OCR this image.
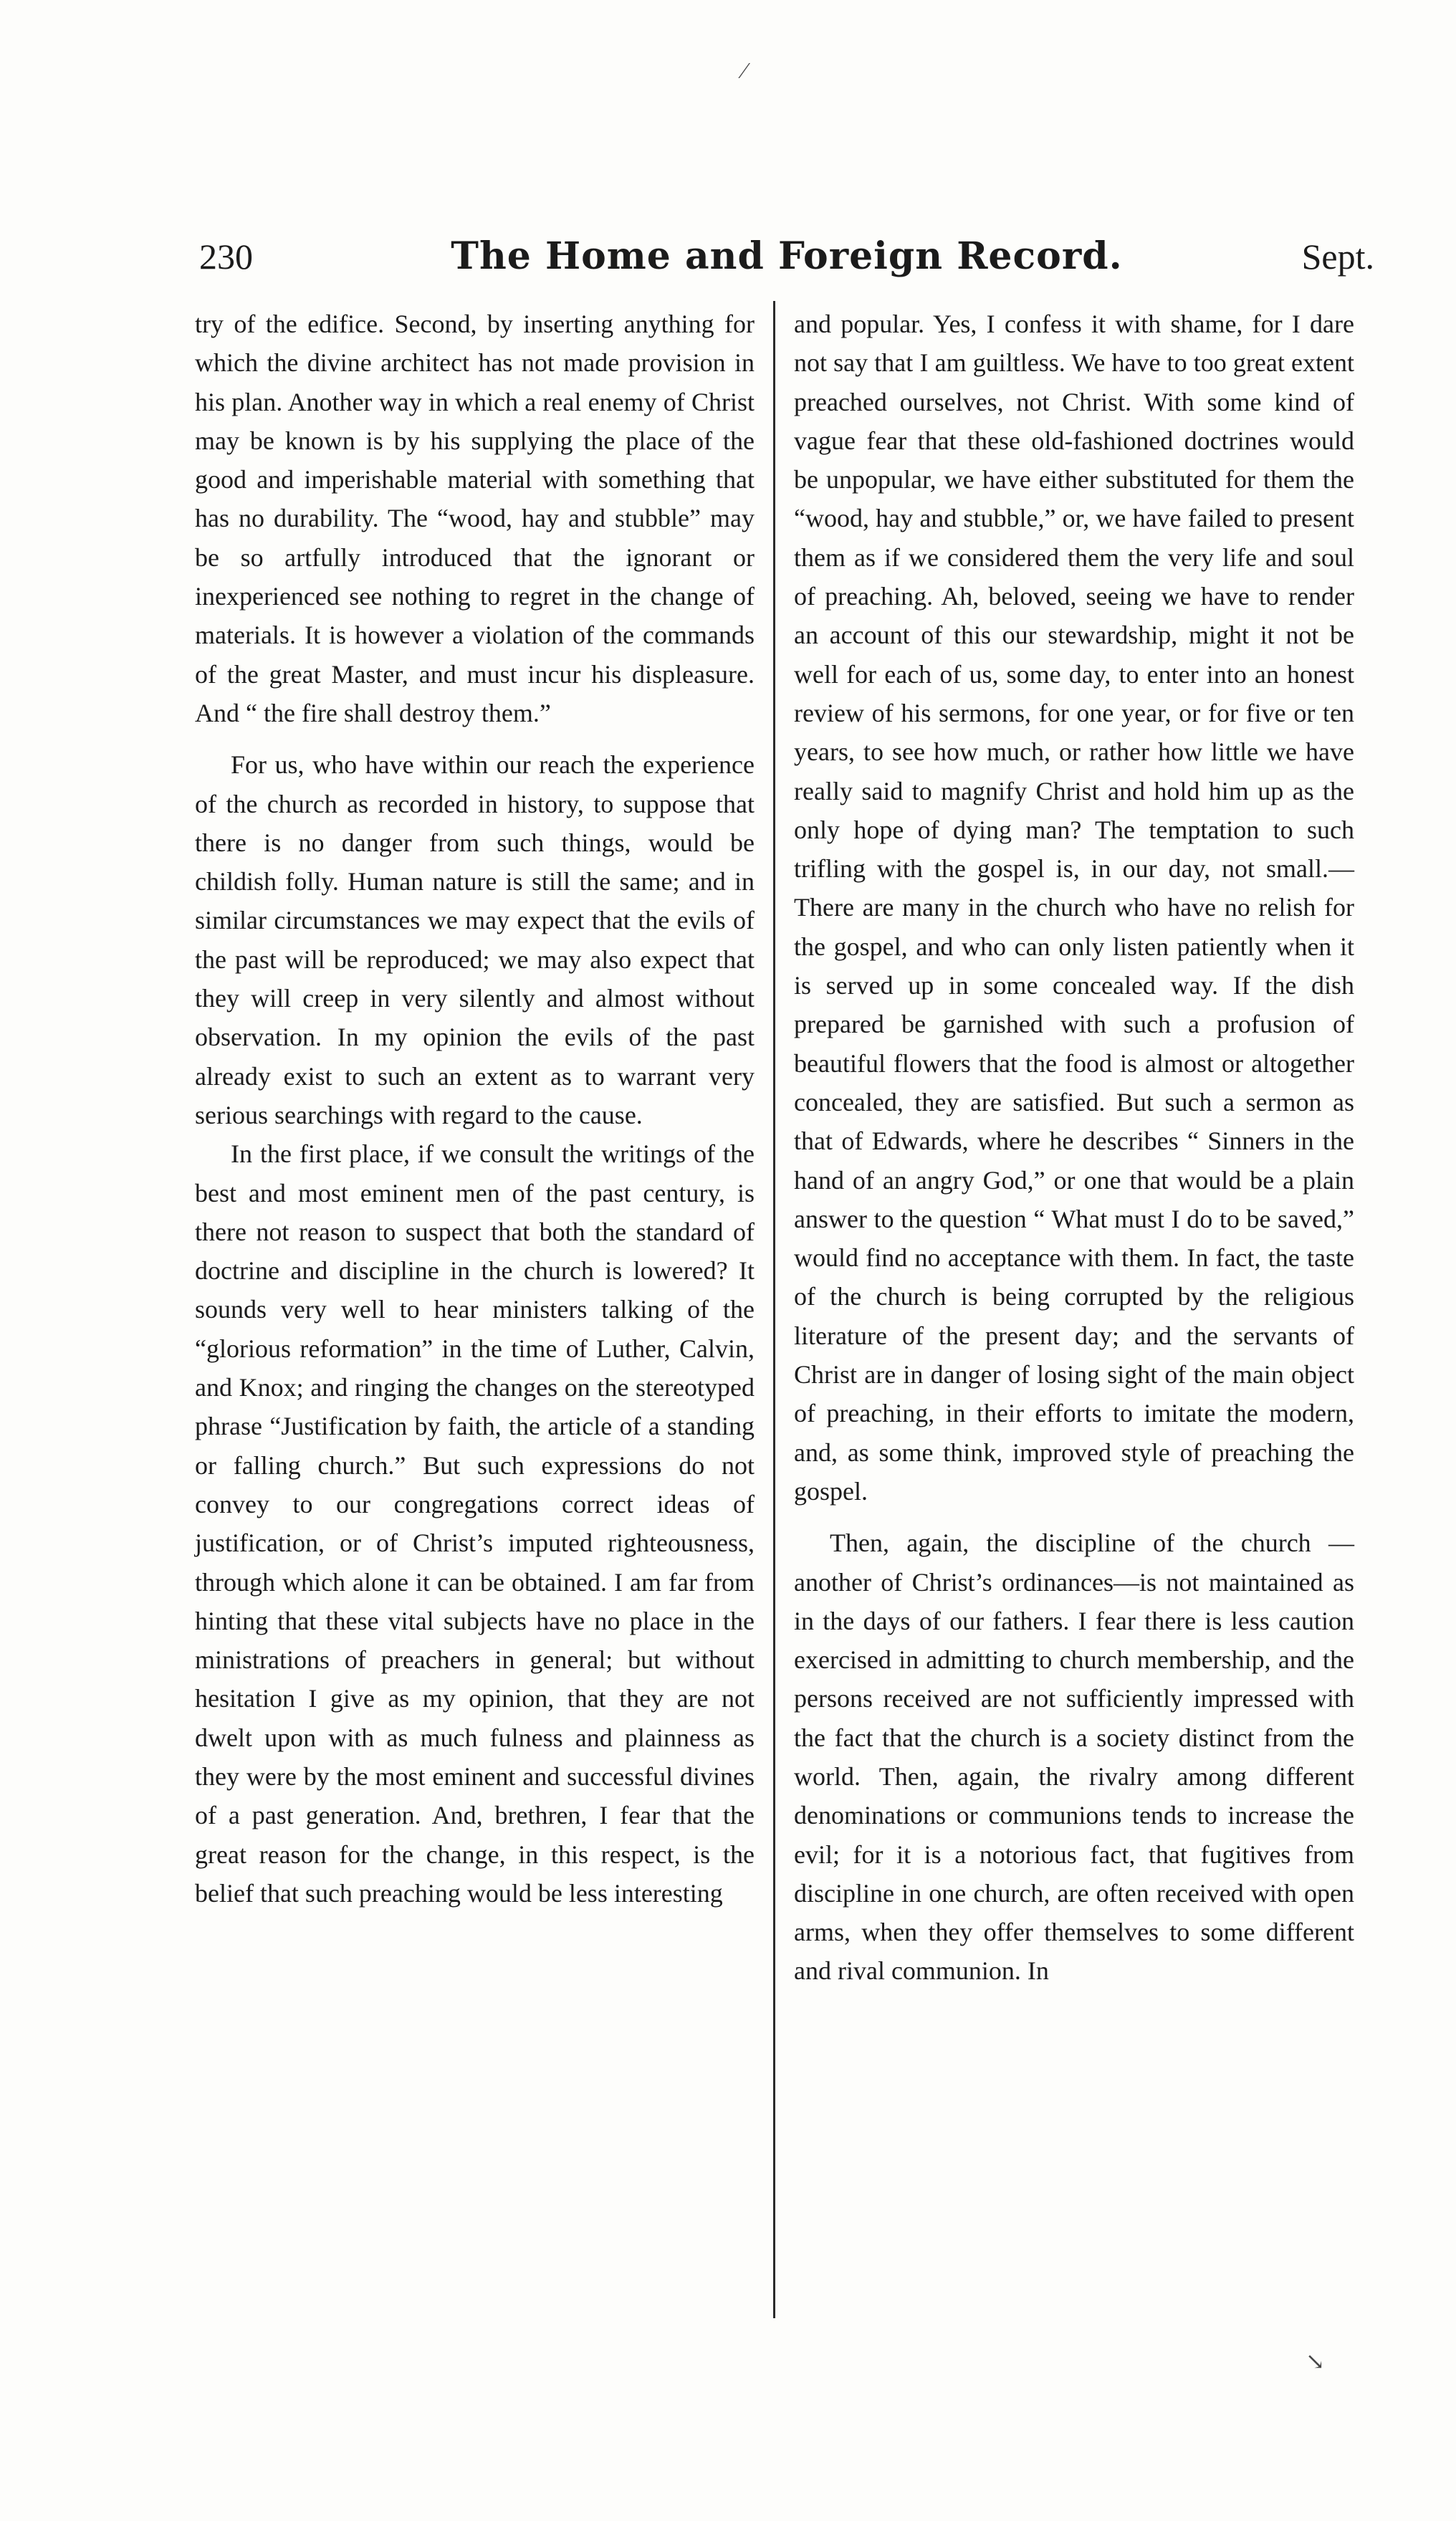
⁄
230	The Home and Foreign Record.	Sept.

try of the edifice. Second, by inserting anything for which the divine architect has not made provision in his plan. Another way in which a real enemy of Christ may be known is by his supplying the place of the good and imperishable material with something that has no durability. The “wood, hay and stubble” may be so artfully introduced that the ignorant or inexperienced see nothing to regret in the change of materials. It is however a violation of the commands of the great Master, and must incur his displeasure. And “ the fire shall destroy them.”

For us, who have within our reach the experience of the church as recorded in history, to suppose that there is no danger from such things, would be childish folly. Human nature is still the same; and in similar circumstances we may expect that the evils of the past will be reproduced; we may also expect that they will creep in very silently and almost without observation. In my opinion the evils of the past already exist to such an extent as to warrant very serious searchings with regard to the cause.

In the first place, if we consult the writings of the best and most eminent men of the past century, is there not reason to suspect that both the standard of doctrine and discipline in the church is lowered? It sounds very well to hear ministers talking of the “glorious reformation” in the time of Luther, Calvin, and Knox; and ringing the changes on the stereotyped phrase “Justification by faith, the article of a standing or falling church.” But such expressions do not convey to our congregations correct ideas of justification, or of Christ’s imputed righteousness, through which alone it can be obtained. I am far from hinting that these vital subjects have no place in the ministrations of preachers in general; but without hesitation I give as my opinion, that they are not dwelt upon with as much fulness and plainness as they were by the most eminent and successful divines of a past generation. And, brethren, I fear that the great reason for the change, in this respect, is the belief that such preaching would be less interesting

and popular. Yes, I confess it with shame, for I dare not say that I am guiltless. We have to too great extent preached ourselves, not Christ. With some kind of vague fear that these old-fashioned doctrines would be unpopular, we have either substituted for them the “wood, hay and stubble,” or, we have failed to present them as if we considered them the very life and soul of preaching. Ah, beloved, seeing we have to render an account of this our stewardship, might it not be well for each of us, some day, to enter into an honest review of his sermons, for one year, or for five or ten years, to see how much, or rather how little we have really said to magnify Christ and hold him up as the only hope of dying man? The temptation to such trifling with the gospel is, in our day, not small.— There are many in the church who have no relish for the gospel, and who can only listen patiently when it is served up in some concealed way. If the dish prepared be garnished with such a profusion of beautiful flowers that the food is almost or altogether concealed, they are satisfied. But such a sermon as that of Edwards, where he describes “ Sinners in the hand of an angry God,” or one that would be a plain answer to the question “ What must I do to be saved,” would find no acceptance with them. In fact, the taste of the church is being corrupted by the religious literature of the present day; and the servants of Christ are in danger of losing sight of the main object of preaching, in their efforts to imitate the modern, and, as some think, improved style of preaching the gospel.

Then, again, the discipline of the church —another of Christ’s ordinances—is not maintained as in the days of our fathers. I fear there is less caution exercised in admitting to church membership, and the persons received are not sufficiently impressed with the fact that the church is a society distinct from the world. Then, again, the rivalry among different denominations or communions tends to increase the evil; for it is a notorious fact, that fugitives from discipline in one church, are often received with open arms, when they offer themselves to some different and rival communion. In

↘
